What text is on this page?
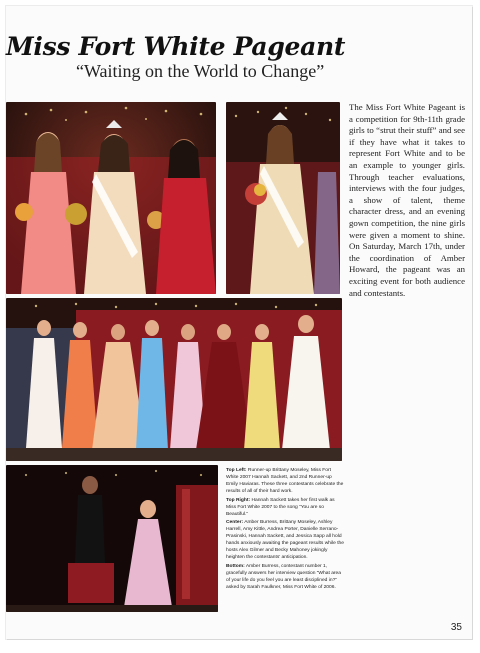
Miss Fort White Pageant
“Waiting on the World to Change”
The Miss Fort White Pageant is a competition for 9th-11th grade girls to “strut their stuff” and see if they have what it takes to represent Fort White and to be an example to younger girls. Through teacher evaluations, interviews with the four judges, a show of talent, theme character dress, and an evening gown competition, the nine girls were given a moment to shine. On Saturday, March 17th, under the coordination of Amber Howard, the pageant was an exciting event for both audience and contestants.

Top Left: Runner-up Brittany Moseley, Miss Fort White 2007 Hannah Sackett, and 2nd Runner-up Emily Haviaras. These three contestants celebrate the results of all of their hard work.

Top Right: Hannah Sackett takes her first walk as Miss Fort White 2007 to the song “You are so Beautiful.”

Center: Amber Burress, Brittany Moseley, Ashley Harrell, Amy Kittle, Andrea Porter, Danielle Serrano-Prasinski, Hannah Sackett, and Jessica Sapp all hold hands anxiously awaiting the pageant results while the hosts Alex Gilmer and Becky Mahoney jokingly heighten the contestants’ anticipation.

Bottom: Amber Burress, contestant number 1, gracefully answers her interview question “What area of your life do you feel you are least disciplined in?” asked by Sarah Faulkner, Miss Fort White of 2006.

35
